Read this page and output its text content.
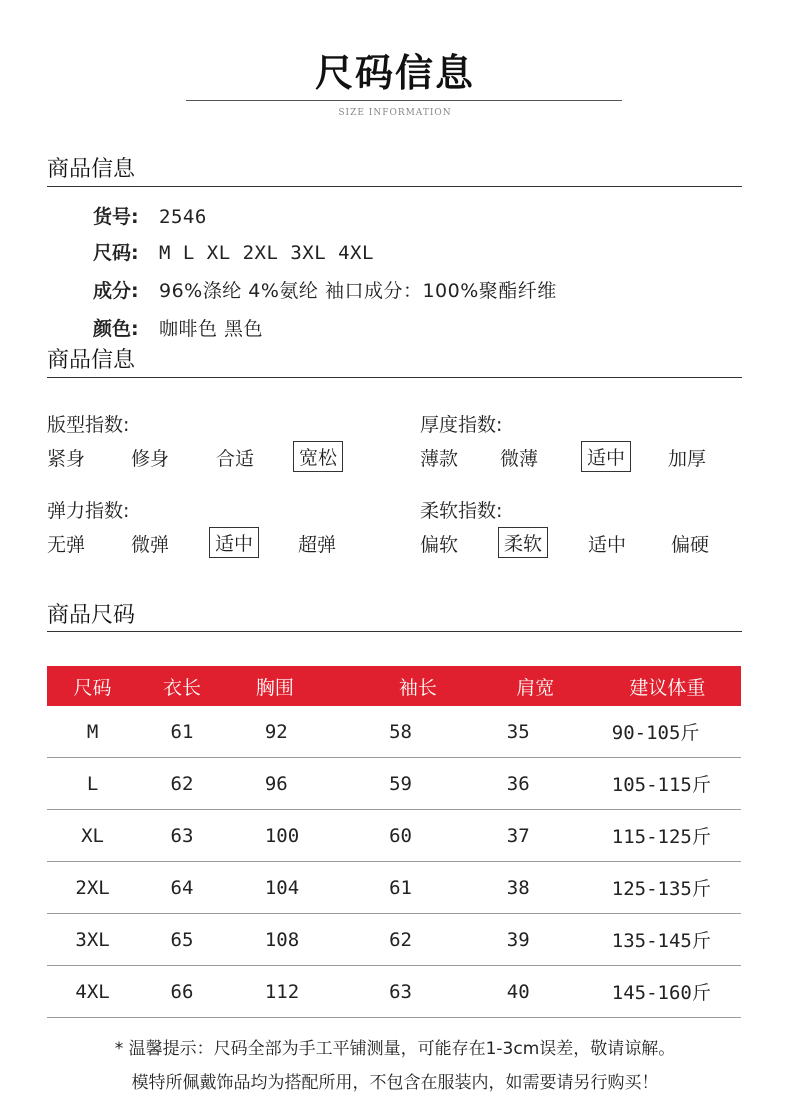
尺码信息
SIZE INFORMATION
商品信息
货号: 2546
尺码: M L XL 2XL 3XL 4XL
成分: 96%涤纶 4%氨纶 袖口成分：100%聚酯纤维
颜色: 咖啡色 黑色
商品信息
版型指数:
紧身 修身 合适	宽松
厚度指数:
薄款 微薄	适中	加厚
弹力指数:
无弹 微弹	适中	超弹
柔软指数:
偏软	柔软	适中 偏硬
商品尺码
尺码	衣长	胸围	袖长	肩宽	建议体重
M	61	92	58	35	90-105斤
L	62	96	59	36	105-115斤
XL	63	100	60	37	115-125斤
2XL	64	104	61	38	125-135斤
3XL	65	108	62	39	135-145斤
4XL	66	112	63	40	145-160斤
* 温馨提示：尺码全部为手工平铺测量，可能存在1-3cm误差，敬请谅解。
模特所佩戴饰品均为搭配所用，不包含在服装内，如需要请另行购买！
